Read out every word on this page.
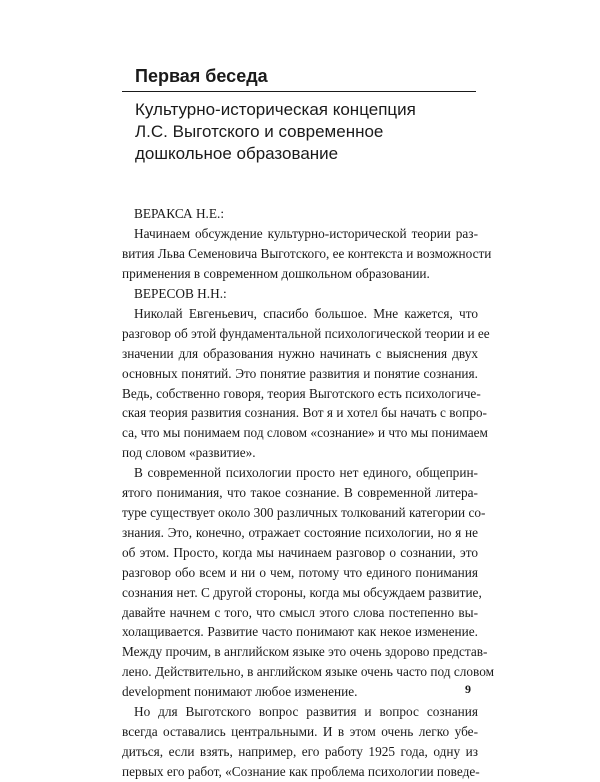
Первая беседа
Культурно-историческая концепция
Л.С. Выготского и современное
дошкольное образование
ВЕРАКСА Н.Е.:
Начинаем обсуждение культурно-исторической теории раз-
вития Льва Семеновича Выготского, ее контекста и возможности
применения в современном дошкольном образовании.
ВЕРЕСОВ Н.Н.:
Николай Евгеньевич, спасибо большое. Мне кажется, что
разговор об этой фундаментальной психологической теории и ее
значении для образования нужно начинать с выяснения двух
основных понятий. Это понятие развития и понятие сознания.
Ведь, собственно говоря, теория Выготского есть психологиче-
ская теория развития сознания. Вот я и хотел бы начать с вопро-
са, что мы понимаем под словом «сознание» и что мы понимаем
под словом «развитие».
В современной психологии просто нет единого, общеприн-
ятого понимания, что такое сознание. В современной литера-
туре существует около 300 различных толкований категории со-
знания. Это, конечно, отражает состояние психологии, но я не
об этом. Просто, когда мы начинаем разговор о сознании, это
разговор обо всем и ни о чем, потому что единого понимания
сознания нет. С другой стороны, когда мы обсуждаем развитие,
давайте начнем с того, что смысл этого слова постепенно вы-
холащивается. Развитие часто понимают как некое изменение.
Между прочим, в английском языке это очень здорово представ-
лено. Действительно, в английском языке очень часто под словом
development понимают любое изменение.
Но для Выготского вопрос развития и вопрос сознания
всегда оставались центральными. И в этом очень легко убе-
диться, если взять, например, его работу 1925 года, одну из
первых его работ, «Сознание как проблема психологии поведе-
9
